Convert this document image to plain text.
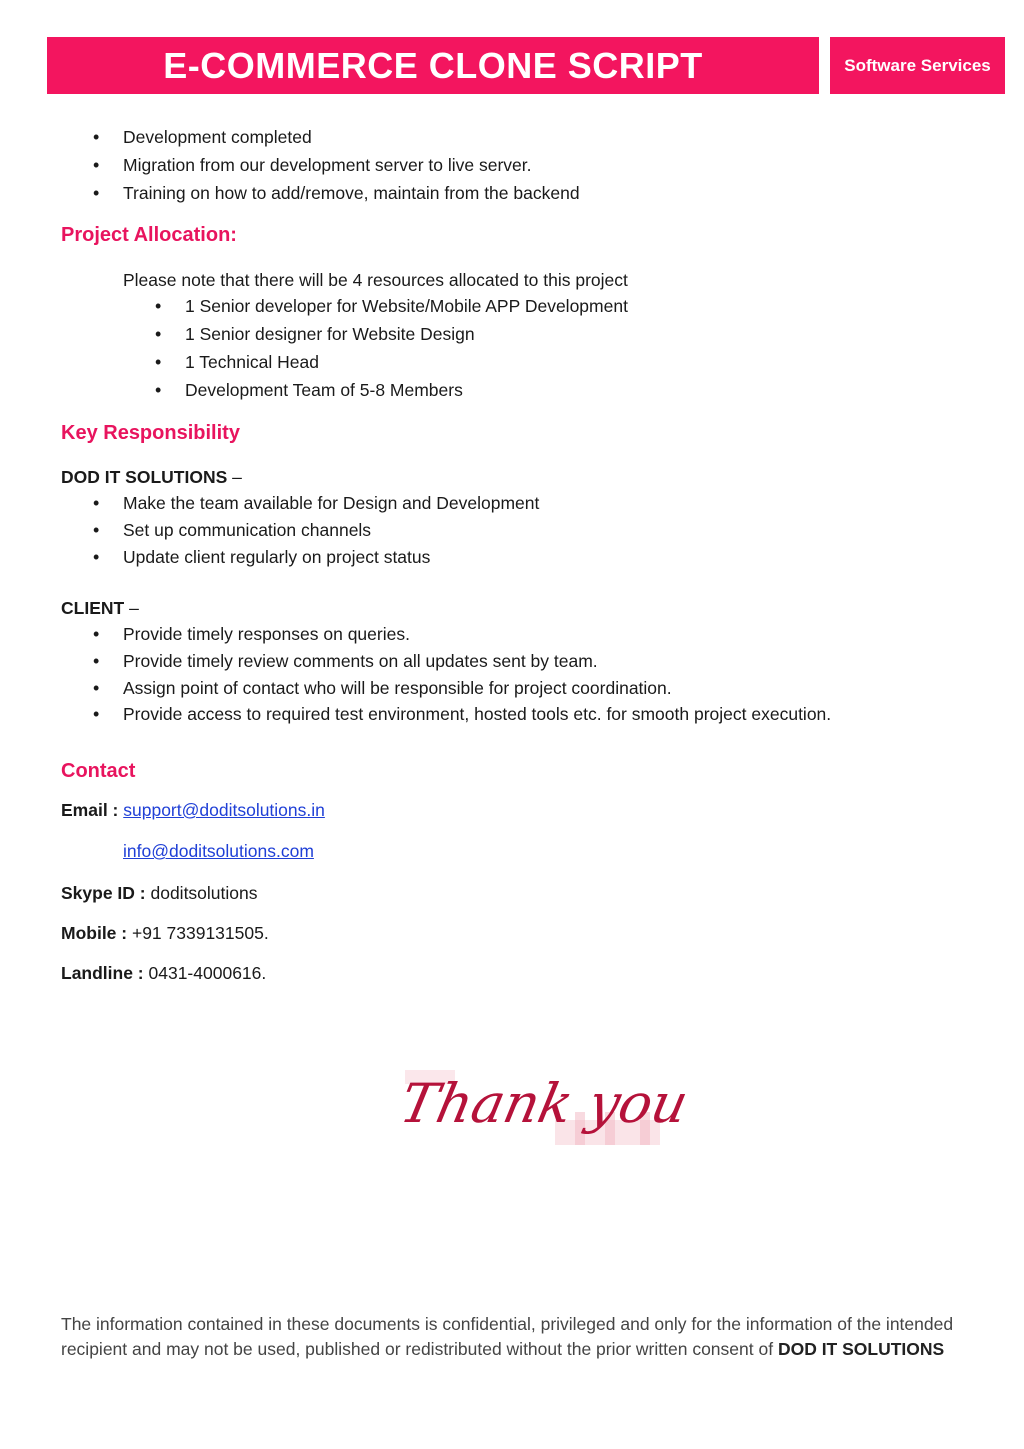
E-COMMERCE CLONE SCRIPT	Software Services
• Development completed
• Migration from our development server to live server.
• Training on how to add/remove, maintain from the backend
Project Allocation:
Please note that there will be 4 resources allocated to this project
• 1 Senior developer for Website/Mobile APP Development
• 1 Senior designer for Website Design
• 1 Technical Head
• Development Team of 5-8 Members
Key Responsibility
DOD IT SOLUTIONS –
• Make the team available for Design and Development
• Set up communication channels
• Update client regularly on project status
CLIENT –
• Provide timely responses on queries.
• Provide timely review comments on all updates sent by team.
• Assign point of contact who will be responsible for project coordination.
• Provide access to required test environment, hosted tools etc. for smooth project execution.
Contact
Email : support@doditsolutions.in
info@doditsolutions.com
Skype ID : doditsolutions
Mobile : +91 7339131505.
Landline : 0431-4000616.
Thank you
The information contained in these documents is confidential, privileged and only for the information of the intended recipient and may not be used, published or redistributed without the prior written consent of DOD IT SOLUTIONS
